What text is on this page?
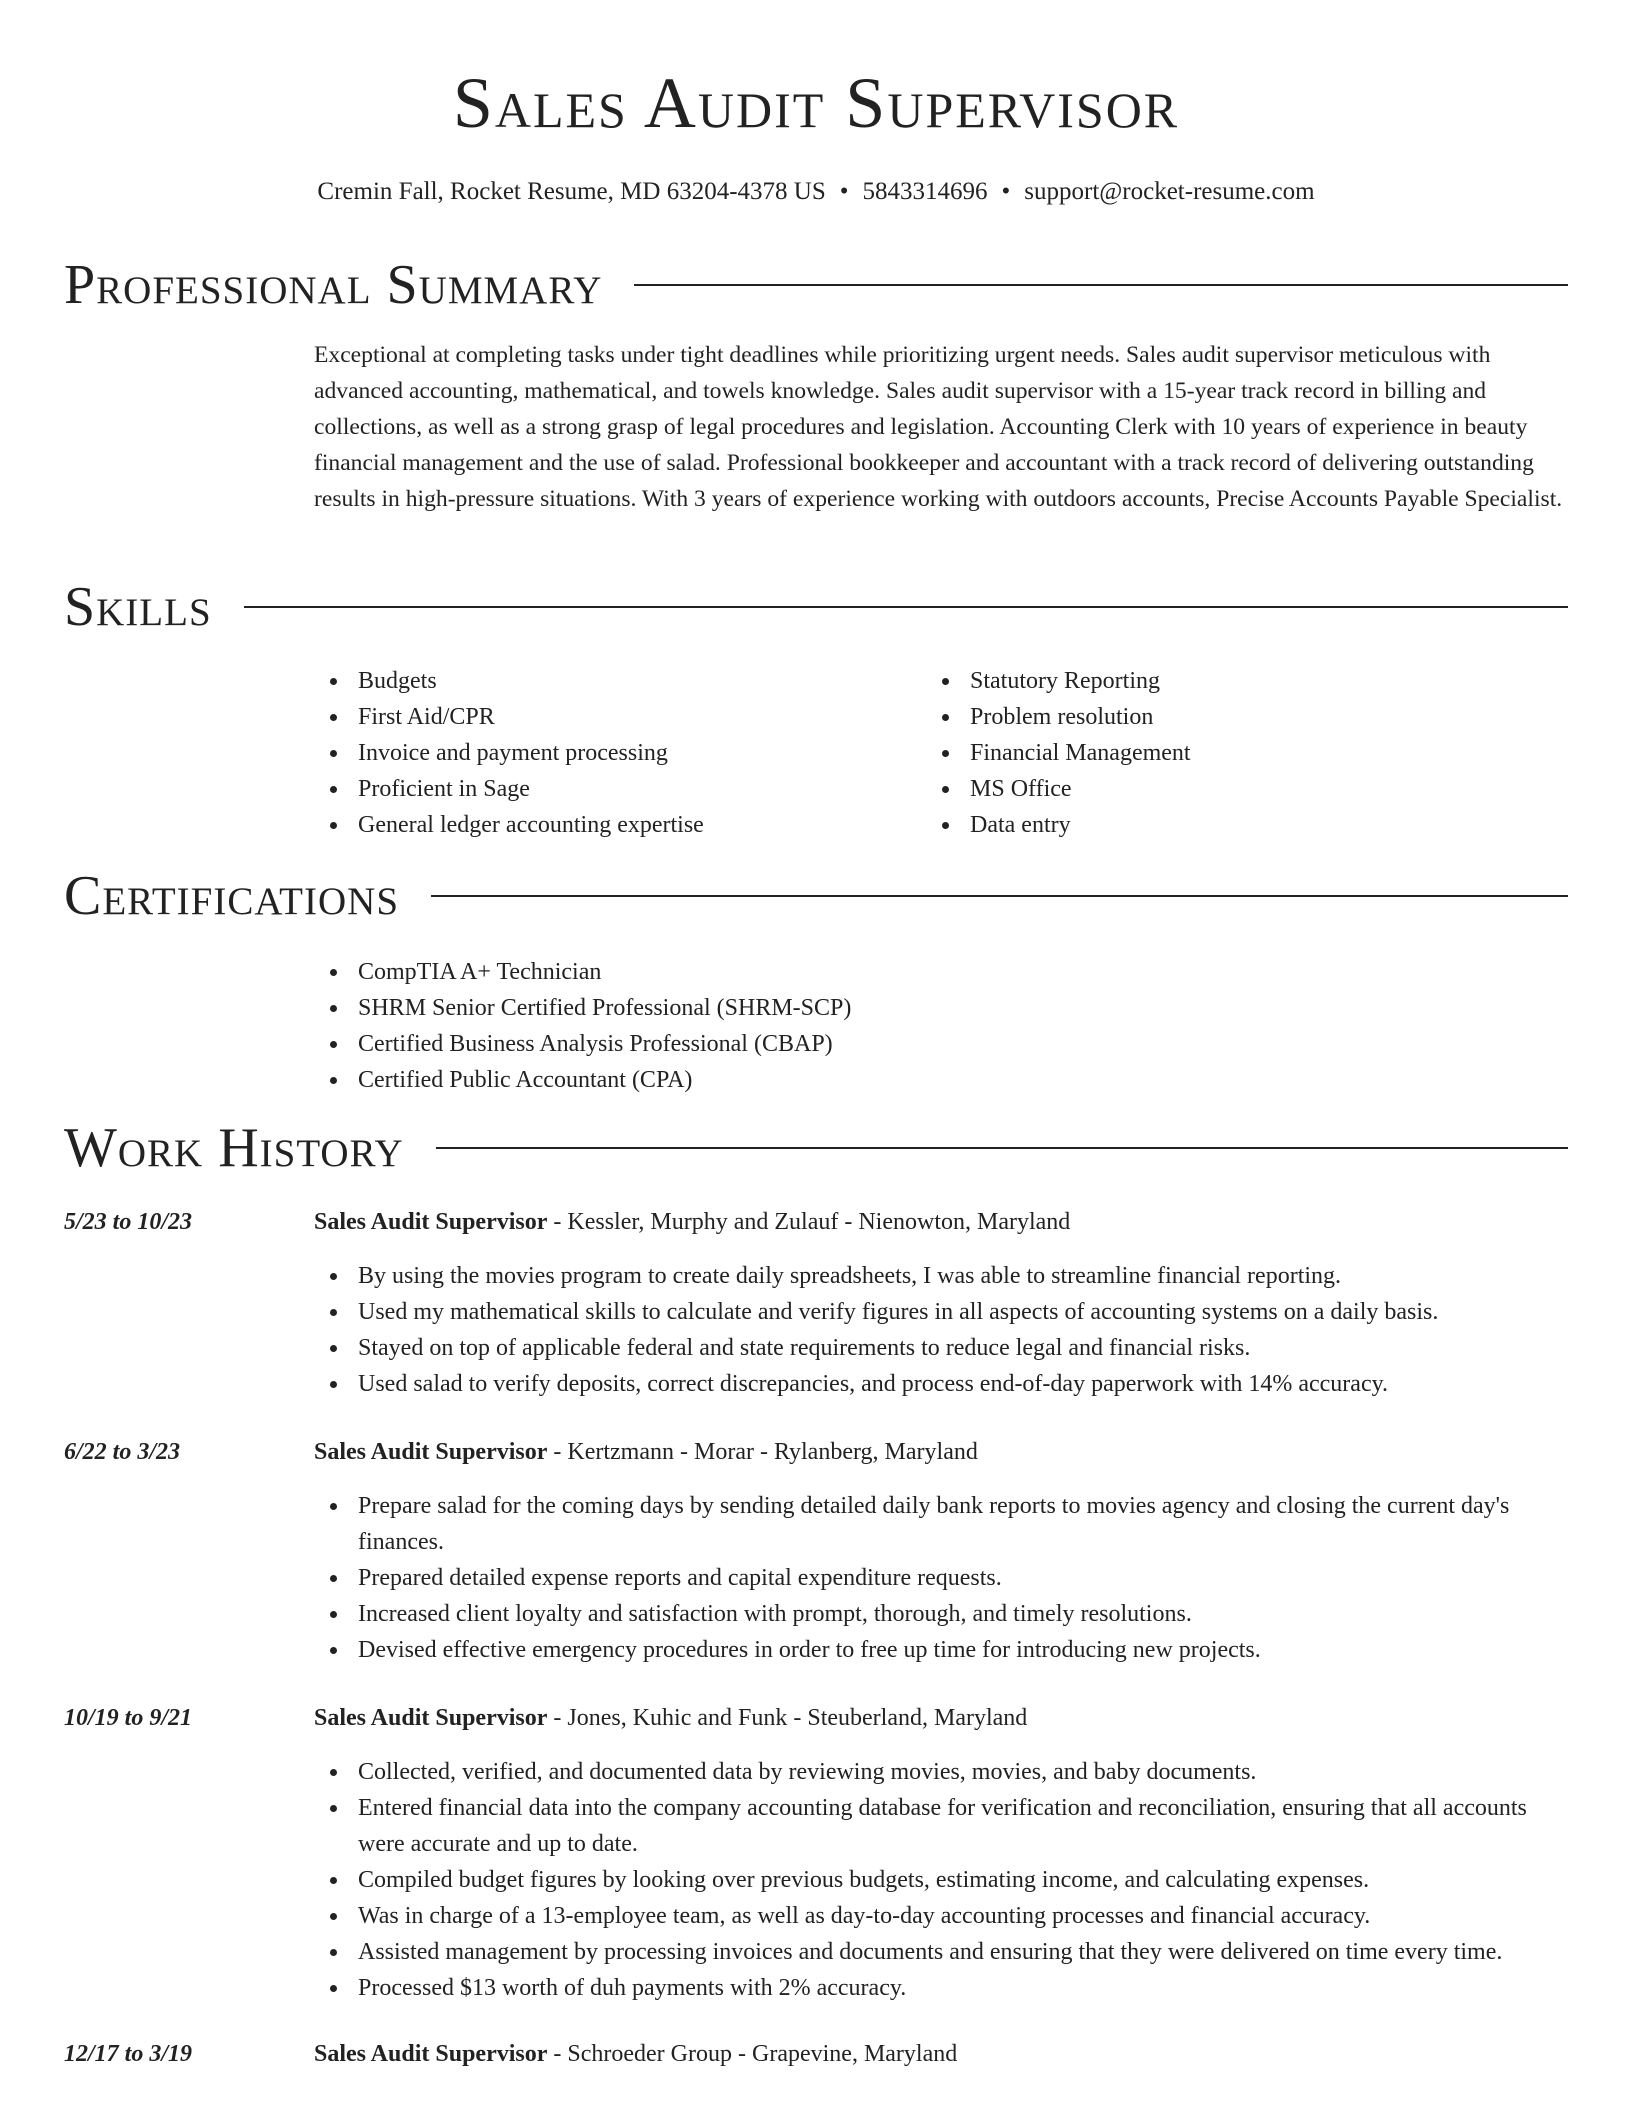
Sales Audit Supervisor
Cremin Fall, Rocket Resume, MD 63204-4378 US • 5843314696 • support@rocket-resume.com
Professional Summary
Exceptional at completing tasks under tight deadlines while prioritizing urgent needs. Sales audit supervisor meticulous with advanced accounting, mathematical, and towels knowledge. Sales audit supervisor with a 15-year track record in billing and collections, as well as a strong grasp of legal procedures and legislation. Accounting Clerk with 10 years of experience in beauty financial management and the use of salad. Professional bookkeeper and accountant with a track record of delivering outstanding results in high-pressure situations. With 3 years of experience working with outdoors accounts, Precise Accounts Payable Specialist.
Skills
Budgets
First Aid/CPR
Invoice and payment processing
Proficient in Sage
General ledger accounting expertise
Statutory Reporting
Problem resolution
Financial Management
MS Office
Data entry
Certifications
CompTIA A+ Technician
SHRM Senior Certified Professional (SHRM-SCP)
Certified Business Analysis Professional (CBAP)
Certified Public Accountant (CPA)
Work History
5/23 to 10/23	Sales Audit Supervisor - Kessler, Murphy and Zulauf - Nienowton, Maryland
By using the movies program to create daily spreadsheets, I was able to streamline financial reporting.
Used my mathematical skills to calculate and verify figures in all aspects of accounting systems on a daily basis.
Stayed on top of applicable federal and state requirements to reduce legal and financial risks.
Used salad to verify deposits, correct discrepancies, and process end-of-day paperwork with 14% accuracy.
6/22 to 3/23	Sales Audit Supervisor - Kertzmann - Morar - Rylanberg, Maryland
Prepare salad for the coming days by sending detailed daily bank reports to movies agency and closing the current day's finances.
Prepared detailed expense reports and capital expenditure requests.
Increased client loyalty and satisfaction with prompt, thorough, and timely resolutions.
Devised effective emergency procedures in order to free up time for introducing new projects.
10/19 to 9/21	Sales Audit Supervisor - Jones, Kuhic and Funk - Steuberland, Maryland
Collected, verified, and documented data by reviewing movies, movies, and baby documents.
Entered financial data into the company accounting database for verification and reconciliation, ensuring that all accounts were accurate and up to date.
Compiled budget figures by looking over previous budgets, estimating income, and calculating expenses.
Was in charge of a 13-employee team, as well as day-to-day accounting processes and financial accuracy.
Assisted management by processing invoices and documents and ensuring that they were delivered on time every time.
Processed $13 worth of duh payments with 2% accuracy.
12/17 to 3/19	Sales Audit Supervisor - Schroeder Group - Grapevine, Maryland
